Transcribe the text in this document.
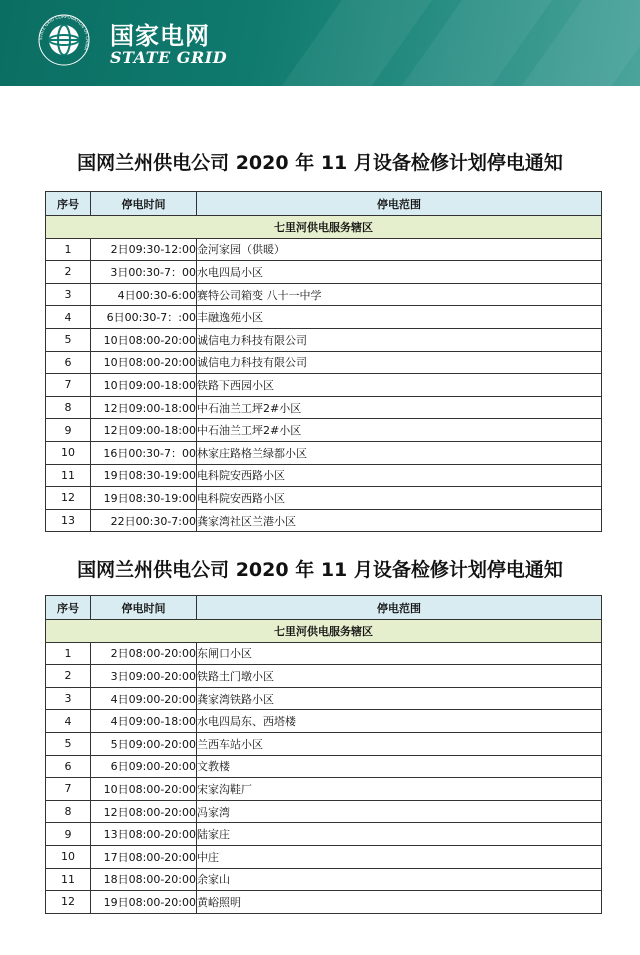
STATE GRID CORPORATION OF CHINA 国家电网
STATE GRID
国网兰州供电公司 2020 年 11 月设备检修计划停电通知
序号	停电时间	停电范围
七里河供电服务辖区		
1	2日09:30-12:00	金河家园（供暖）
2	3日00:30-7：00	水电四局小区
3	4日00:30-6:00	赛特公司箱变 八十一中学
4	6日00:30-7：:00	丰融逸苑小区
5	10日08:00-20:00	诚信电力科技有限公司
6	10日08:00-20:00	诚信电力科技有限公司
7	10日09:00-18:00	铁路下西园小区
8	12日09:00-18:00	中石油兰工坪2#小区
9	12日09:00-18:00	中石油兰工坪2#小区
10	16日00:30-7：00	林家庄路格兰绿都小区
11	19日08:30-19:00	电科院安西路小区
12	19日08:30-19:00	电科院安西路小区
13	22日00:30-7:00	龚家湾社区兰港小区
国网兰州供电公司 2020 年 11 月设备检修计划停电通知
序号	停电时间	停电范围
七里河供电服务辖区		
1	2日08:00-20:00	东闸口小区
2	3日09:00-20:00	铁路土门墩小区
3	4日09:00-20:00	龚家湾铁路小区
4	4日09:00-18:00	水电四局东、西塔楼
5	5日09:00-20:00	兰西车站小区
6	6日09:00-20:00	文教楼
7	10日08:00-20:00	宋家沟鞋厂
8	12日08:00-20:00	冯家湾
9	13日08:00-20:00	陆家庄
10	17日08:00-20:00	中庄
11	18日08:00-20:00	余家山
12	19日08:00-20:00	黄峪照明
